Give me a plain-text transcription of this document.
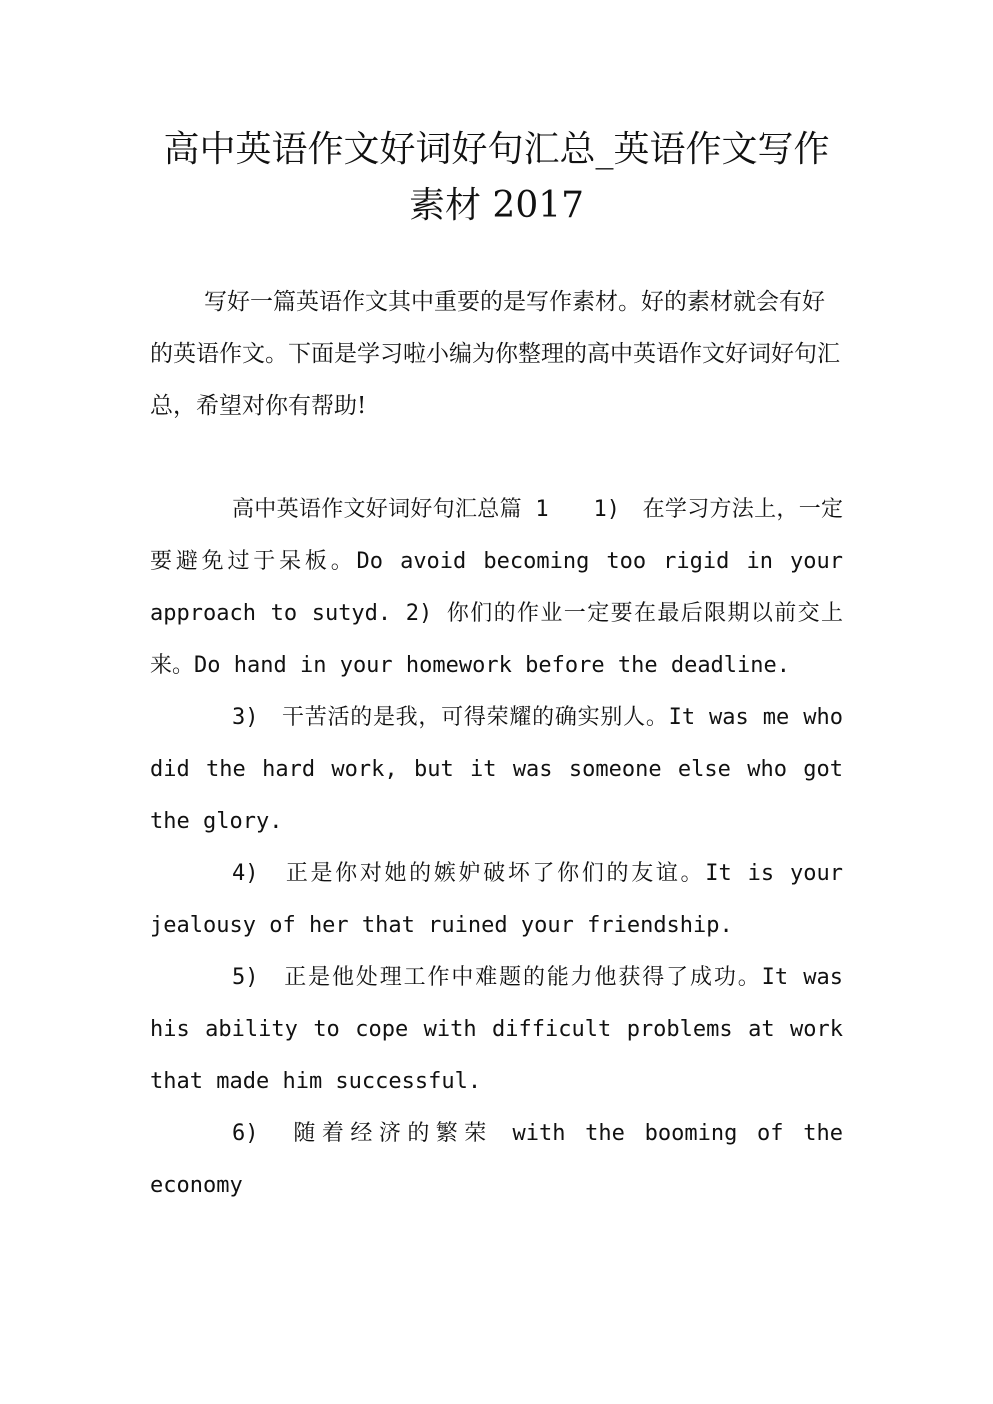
高中英语作文好词好句汇总_英语作文写作素材 2017

写好一篇英语作文其中重要的是写作素材。好的素材就会有好的英语作文。下面是学习啦小编为你整理的高中英语作文好词好句汇总，希望对你有帮助!

高中英语作文好词好句汇总篇 1　　1)　在学习方法上，一定要避免过于呆板。Do avoid becoming too rigid in your approach to sutyd. 2) 你们的作业一定要在最后限期以前交上来。Do hand in your homework before the deadline.

3)　干苦活的是我，可得荣耀的确实别人。It was me who did the hard work, but it was someone else who got the glory.

4)　正是你对她的嫉妒破坏了你们的友谊。It is your jealousy of her that ruined your friendship.

5)　正是他处理工作中难题的能力他获得了成功。It was his ability to cope with difficult problems at work that made him successful.

6)　随着经济的繁荣 with the booming of the economy
